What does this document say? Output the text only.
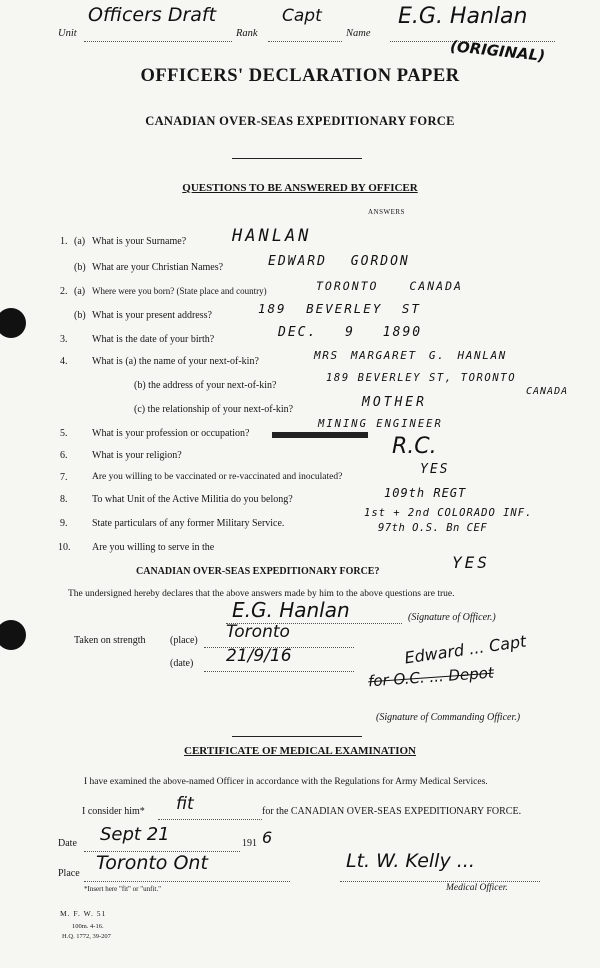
Unit
Officers Draft
Rank
Capt
Name
E.G. Hanlan
(ORIGINAL)
OFFICERS' DECLARATION PAPER
CANADIAN OVER-SEAS EXPEDITIONARY FORCE
QUESTIONS TO BE ANSWERED BY OFFICER
ANSWERS
1. (a) What is your Surname?	HANLAN
(b) What are your Christian Names?	EDWARD GORDON
2. (a) Where were you born? (State place and country)	TORONTO CANADA
(b) What is your present address?	189 BEVERLEY ST
3. What is the date of your birth?	DEC. 9 1890
4. What is (a) the name of your next-of-kin?	MRS MARGARET G. HANLAN
(b) the address of your next-of-kin?
189 BEVERLEY ST, TORONTO
CANADA
(c) the relationship of your next-of-kin?	MOTHER
5. What is your profession or occupation?
MINING ENGINEER
6. What is your religion?	R.C.
7.	Are you willing to be vaccinated or re-vaccinated and inoculated?	YES
8. To what Unit of the Active Militia do you belong?	109th REGT
9. State particulars of any former Military Service.
1st + 2nd COLORADO INF.
97th O.S. Bn CEF
10. Are you willing to serve in the
CANADIAN OVER-SEAS EXPEDITIONARY FORCE?	YES
The undersigned hereby declares that the above answers made by him to the above questions are true.
E.G. Hanlan	(Signature of Officer.)
Taken on strength (place) Toronto
(date) 21/9/16	Edward ... Capt
for O.C. ... Depot
(Signature of Commanding Officer.)
CERTIFICATE OF MEDICAL EXAMINATION
I have examined the above-named Officer in accordance with the Regulations for Army Medical Services.
I consider him* fit	for the CANADIAN OVER-SEAS EXPEDITIONARY FORCE.
Date Sept 21	191 6
Place Toronto Ont	Lt. W. Kelly ...
*Insert here "fit" or "unfit."	Medical Officer.
M. F. W. 51
100m. 4-16.
H.Q. 1772, 39-207
